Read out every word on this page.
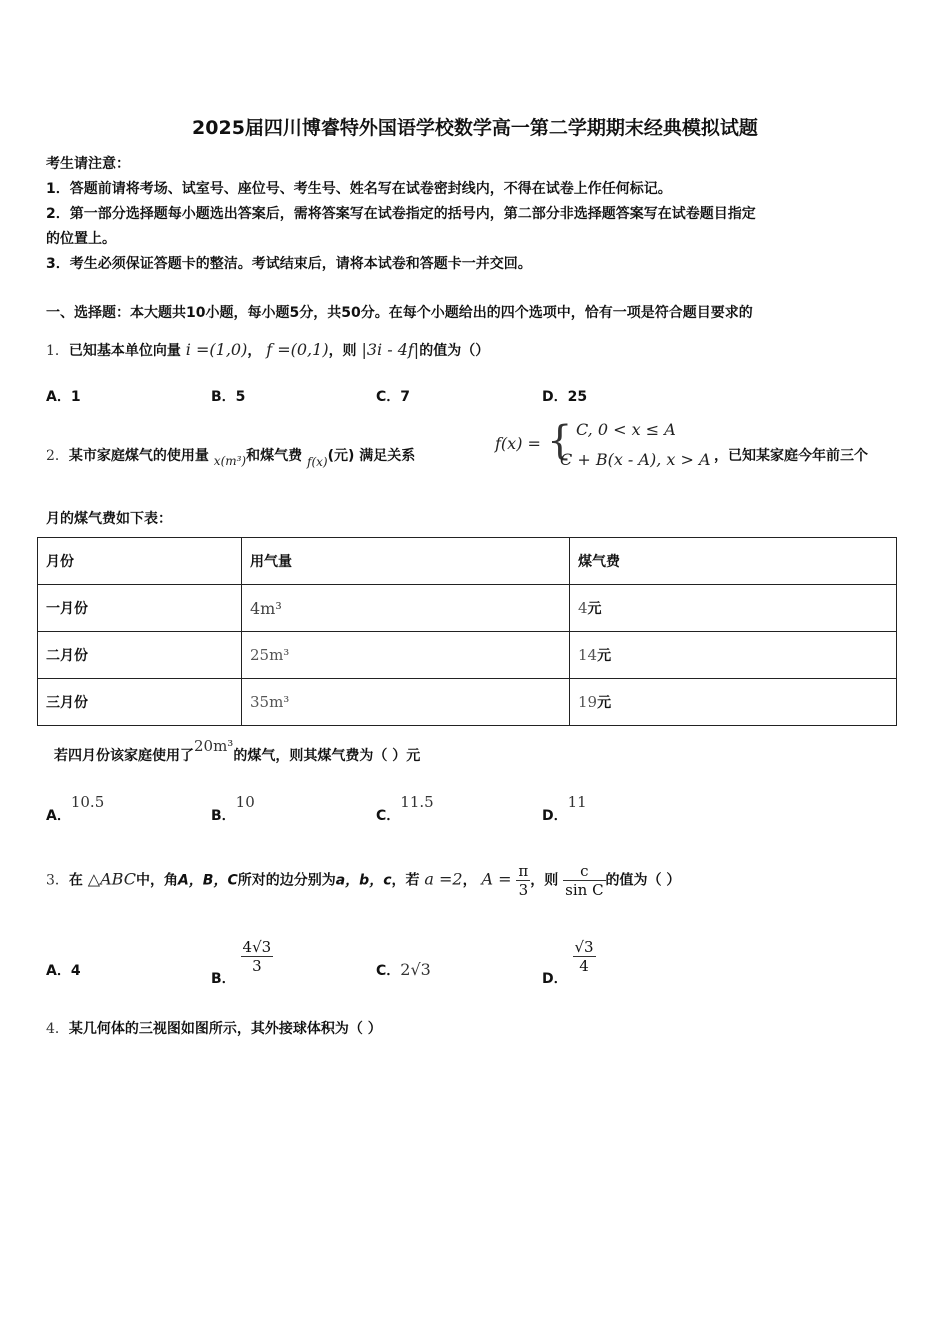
2025届四川博睿特外国语学校数学高一第二学期期末经典模拟试题
考生请注意：
1．答题前请将考场、试室号、座位号、考生号、姓名写在试卷密封线内，不得在试卷上作任何标记。
2．第一部分选择题每小题选出答案后，需将答案写在试卷指定的括号内，第二部分非选择题答案写在试卷题目指定
的位置上。
3．考生必须保证答题卡的整洁。考试结束后，请将本试卷和答题卡一并交回。
一、选择题：本大题共10小题，每小题5分，共50分。在每个小题给出的四个选项中，恰有一项是符合题目要求的
1．已知基本单位向量 i =(1,0)， f =(0,1)，则 |3i - 4f|的值为（）
A．1	B．5	C．7	D．25
2．某市家庭煤气的使用量 x(m³)和煤气费 f(x)(元) 满足关系
f(x) = { C, 0 < x ≤ A
C + B(x - A), x > A ，已知某家庭今年前三个
月的煤气费如下表：
月份	用气量	煤气费
一月份	4m³	4元
二月份	25m³	14元
三月份	35m³	19元
若四月份该家庭使用了20m³的煤气，则其煤气费为（ ）元
A．10.5
B．10
C．11.5
D．11
3．在 △ABC中，角A，B，C所对的边分别为a，b，c，若 a =2， $A = \frac{\pi}{3}$ ，则 $\frac{c}{\text{sin C}}$ 的值为（ ）
A．4	B．
$\frac{4√3}{3}$	C．2√3	D．
$\frac{√3}{4}$
4．某几何体的三视图如图所示，其外接球体积为（ ）
